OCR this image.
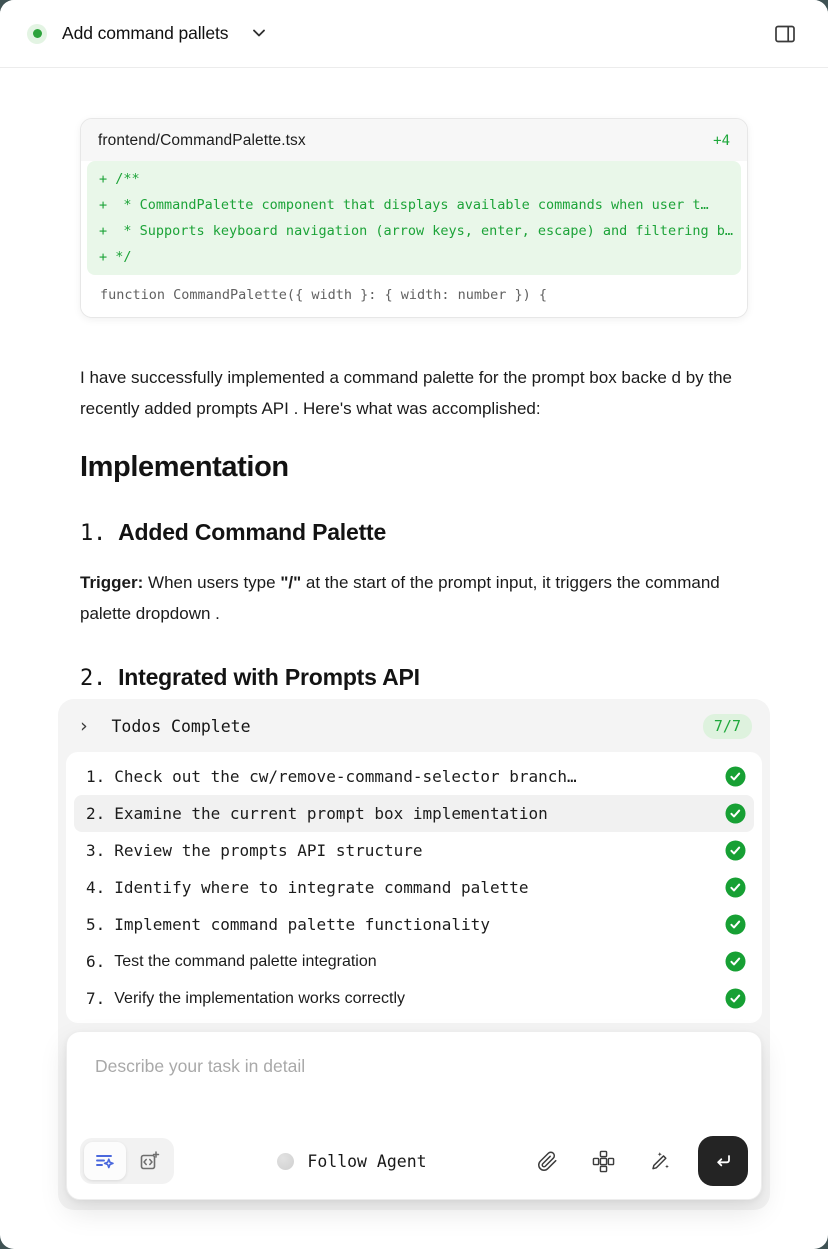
Add command pallets
frontend/CommandPalette.tsx	+4
+ /**
+  * CommandPalette component that displays available commands when user t…
+  * Supports keyboard navigation (arrow keys, enter, escape) and filtering b…
+ */
function CommandPalette({ width }: { width: number }) {

I have successfully implemented a command palette for the prompt box backe d by the recently added prompts API . Here's what was accomplished:

Implementation
1. Added Command Palette

Trigger: When users type "/" at the start of the prompt input, it triggers the command palette dropdown .

2. Integrated with Prompts API
› Todos Complete	7/7
1. Check out the cw/remove-command-selector branch…
2. Examine the current prompt box implementation
3. Review the prompts API structure
4. Identify where to integrate command palette
5. Implement command palette functionality
6. Test the command palette integration
7. Verify the implementation works correctly
Describe your task in detail
Follow Agent
